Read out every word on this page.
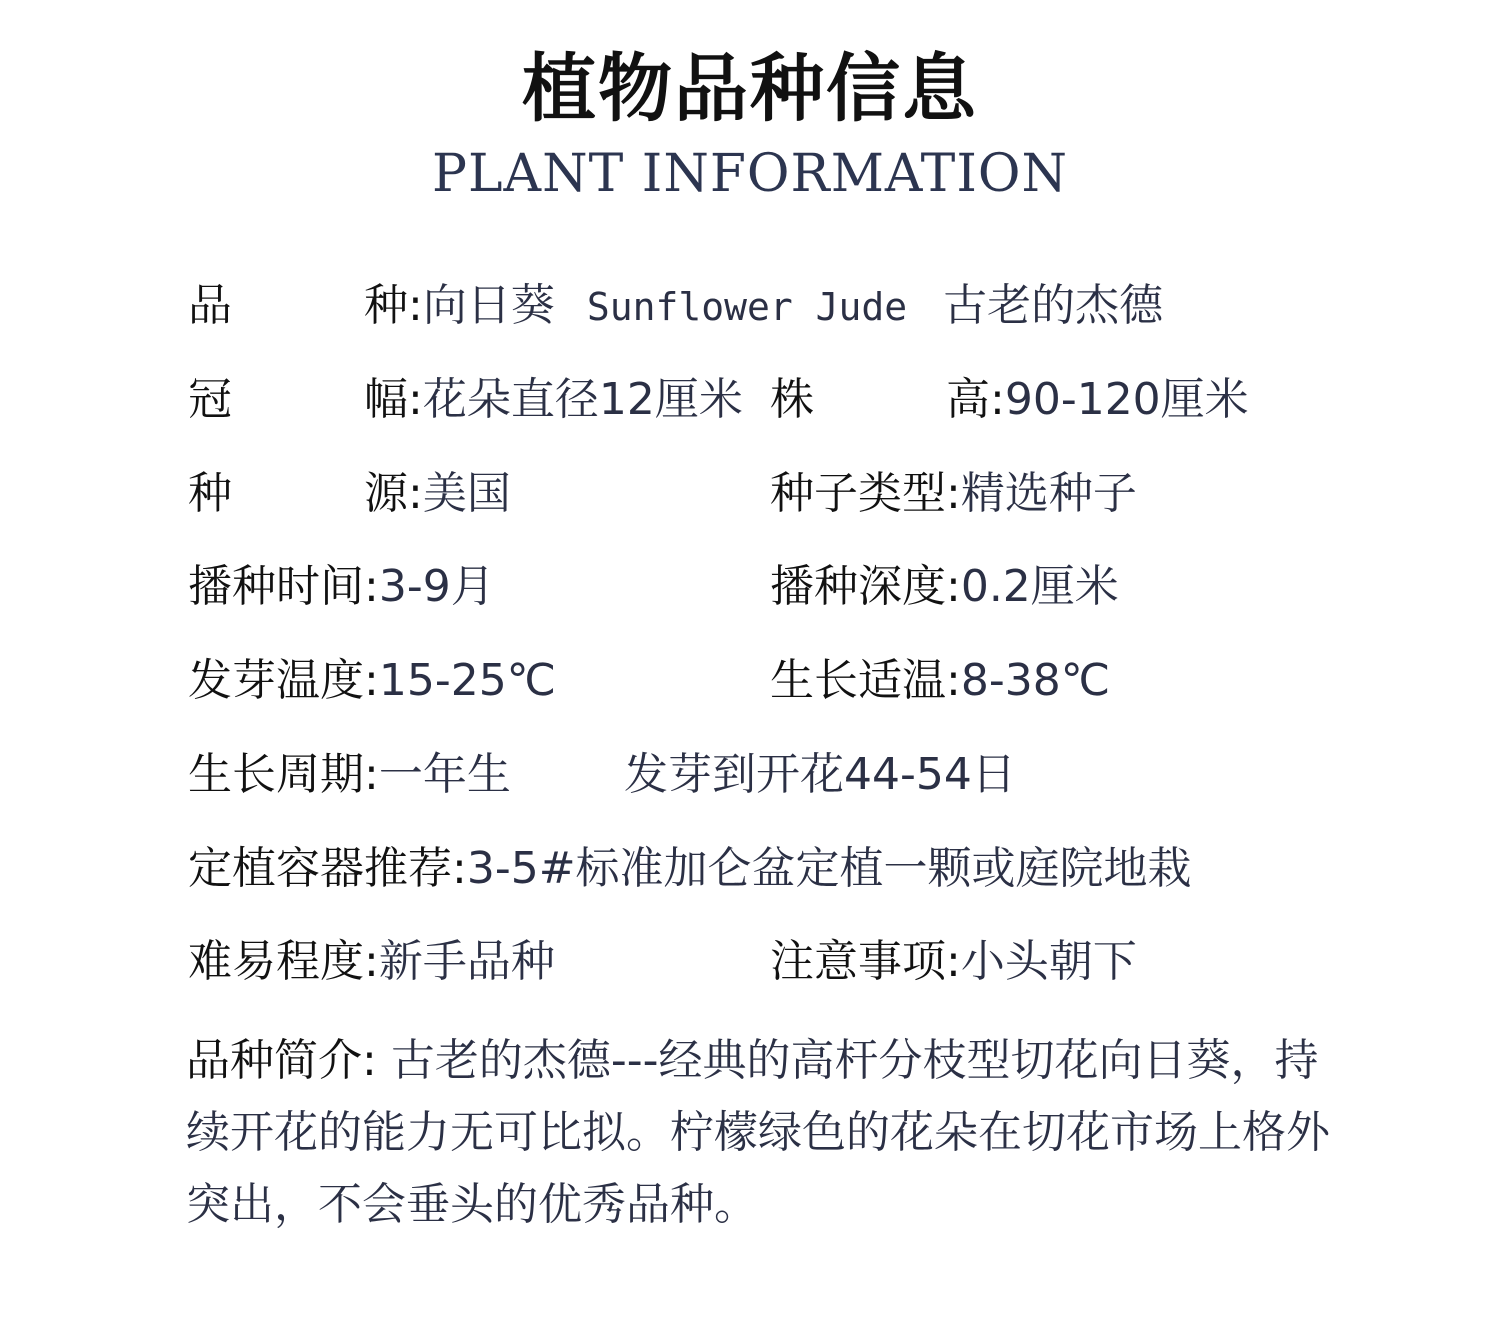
植物品种信息
PLANT INFORMATION
品种:向日葵 Sunflower Jude 古老的杰德
冠幅:花朵直径12厘米 株高:90-120厘米
种源:美国	种子类型:精选种子
播种时间:3-9月	播种深度:0.2厘米
发芽温度:15-25℃	生长适温:8-38℃
生长周期:一年生	发芽到开花44-54日
定植容器推荐:3-5#标准加仑盆定植一颗或庭院地栽
难易程度:新手品种	注意事项:小头朝下
品种简介: 古老的杰德---经典的高杆分枝型切花向日葵，持续开花的能力无可比拟。柠檬绿色的花朵在切花市场上格外突出，不会垂头的优秀品种。
